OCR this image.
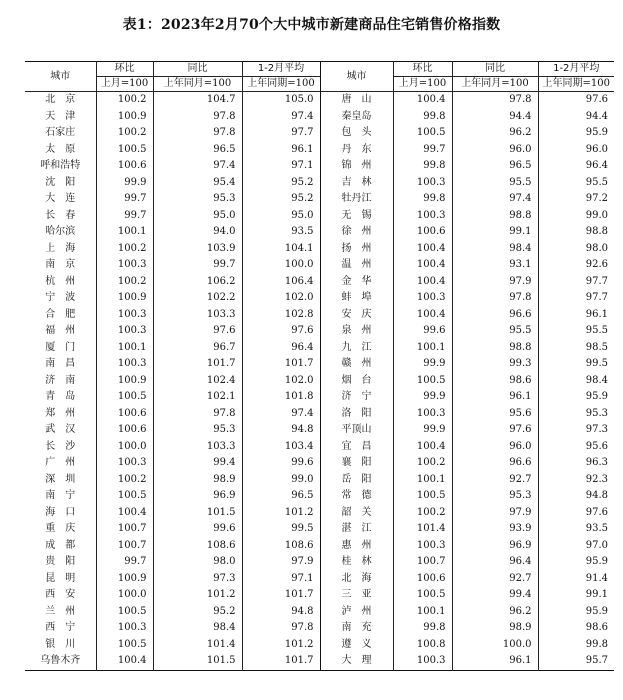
表1：2023年2月70个大中城市新建商品住宅销售价格指数
城市	环比	同比	1-2月平均	城市	环比	同比	1-2月平均
	上月=100	上年同月=100	上年同期=100		上月=100	上年同月=100	上年同期=100
北　京	100.2	104.7	105.0	唐　山	100.4	97.8	97.6
天　津	100.9	97.8	97.4	秦皇岛	99.8	94.4	94.4
石家庄	100.2	97.8	97.7	包　头	100.5	96.2	95.9
太　原	100.5	96.5	96.1	丹　东	99.7	96.0	96.0
呼和浩特	100.6	97.4	97.1	锦　州	99.8	96.5	96.4
沈　阳	99.9	95.4	95.2	吉　林	100.3	95.5	95.5
大　连	99.7	95.3	95.2	牡丹江	99.8	97.4	97.2
长　春	99.7	95.0	95.0	无　锡	100.3	98.8	99.0
哈尔滨	100.1	94.0	93.5	徐　州	100.6	99.1	98.8
上　海	100.2	103.9	104.1	扬　州	100.4	98.4	98.0
南　京	100.3	99.7	100.0	温　州	100.4	93.1	92.6
杭　州	100.2	106.2	106.4	金　华	100.4	97.9	97.7
宁　波	100.9	102.2	102.0	蚌　埠	100.3	97.8	97.7
合　肥	100.3	103.3	102.8	安　庆	100.4	96.6	96.1
福　州	100.3	97.6	97.6	泉　州	99.6	95.5	95.5
厦　门	100.1	96.7	96.4	九　江	100.1	98.8	98.5
南　昌	100.3	101.7	101.7	赣　州	99.9	99.3	99.5
济　南	100.9	102.4	102.0	烟　台	100.5	98.6	98.4
青　岛	100.5	102.1	101.8	济　宁	99.9	96.1	95.9
郑　州	100.6	97.8	97.4	洛　阳	100.3	95.6	95.3
武　汉	100.6	95.3	94.8	平顶山	99.9	97.6	97.3
长　沙	100.0	103.3	103.4	宜　昌	100.4	96.0	95.6
广　州	100.3	99.4	99.6	襄　阳	100.2	96.6	96.3
深　圳	100.2	98.9	99.0	岳　阳	100.1	92.7	92.3
南　宁	100.5	96.9	96.5	常　德	100.5	95.3	94.8
海　口	100.4	101.5	101.2	韶　关	100.2	97.9	97.6
重　庆	100.7	99.6	99.5	湛　江	101.4	93.9	93.5
成　都	100.7	108.6	108.6	惠　州	100.3	96.9	97.0
贵　阳	99.7	98.0	97.9	桂　林	100.7	96.4	95.9
昆　明	100.9	97.3	97.1	北　海	100.6	92.7	91.4
西　安	100.0	101.2	101.7	三　亚	100.5	99.4	99.1
兰　州	100.5	95.2	94.8	泸　州	100.1	96.2	95.9
西　宁	100.3	98.4	97.8	南　充	99.8	98.9	98.6
银　川	100.5	101.4	101.2	遵　义	100.8	100.0	99.8
乌鲁木齐	100.4	101.5	101.7	大　理	100.3	96.1	95.7
